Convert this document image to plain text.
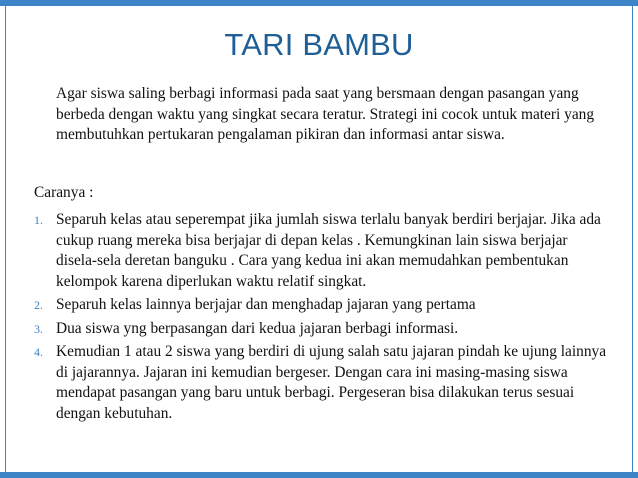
TARI BAMBU
Agar siswa saling berbagi informasi pada saat yang bersmaan dengan pasangan yang berbeda dengan waktu yang singkat secara teratur. Strategi ini cocok untuk materi yang membutuhkan pertukaran pengalaman pikiran dan informasi antar siswa.
Caranya :
1. Separuh kelas atau seperempat jika jumlah siswa terlalu banyak berdiri berjajar. Jika ada cukup ruang mereka bisa berjajar di depan kelas . Kemungkinan lain siswa berjajar disela-sela deretan banguku . Cara yang kedua ini akan memudahkan pembentukan kelompok karena diperlukan waktu relatif singkat.
2. Separuh kelas lainnya berjajar dan menghadap jajaran yang pertama
3. Dua siswa yng berpasangan dari kedua jajaran berbagi informasi.
4. Kemudian 1 atau 2 siswa yang berdiri di ujung salah satu jajaran pindah ke ujung lainnya di jajarannya. Jajaran ini kemudian bergeser. Dengan cara ini masing-masing siswa mendapat pasangan yang baru untuk berbagi. Pergeseran bisa dilakukan terus sesuai dengan kebutuhan.
